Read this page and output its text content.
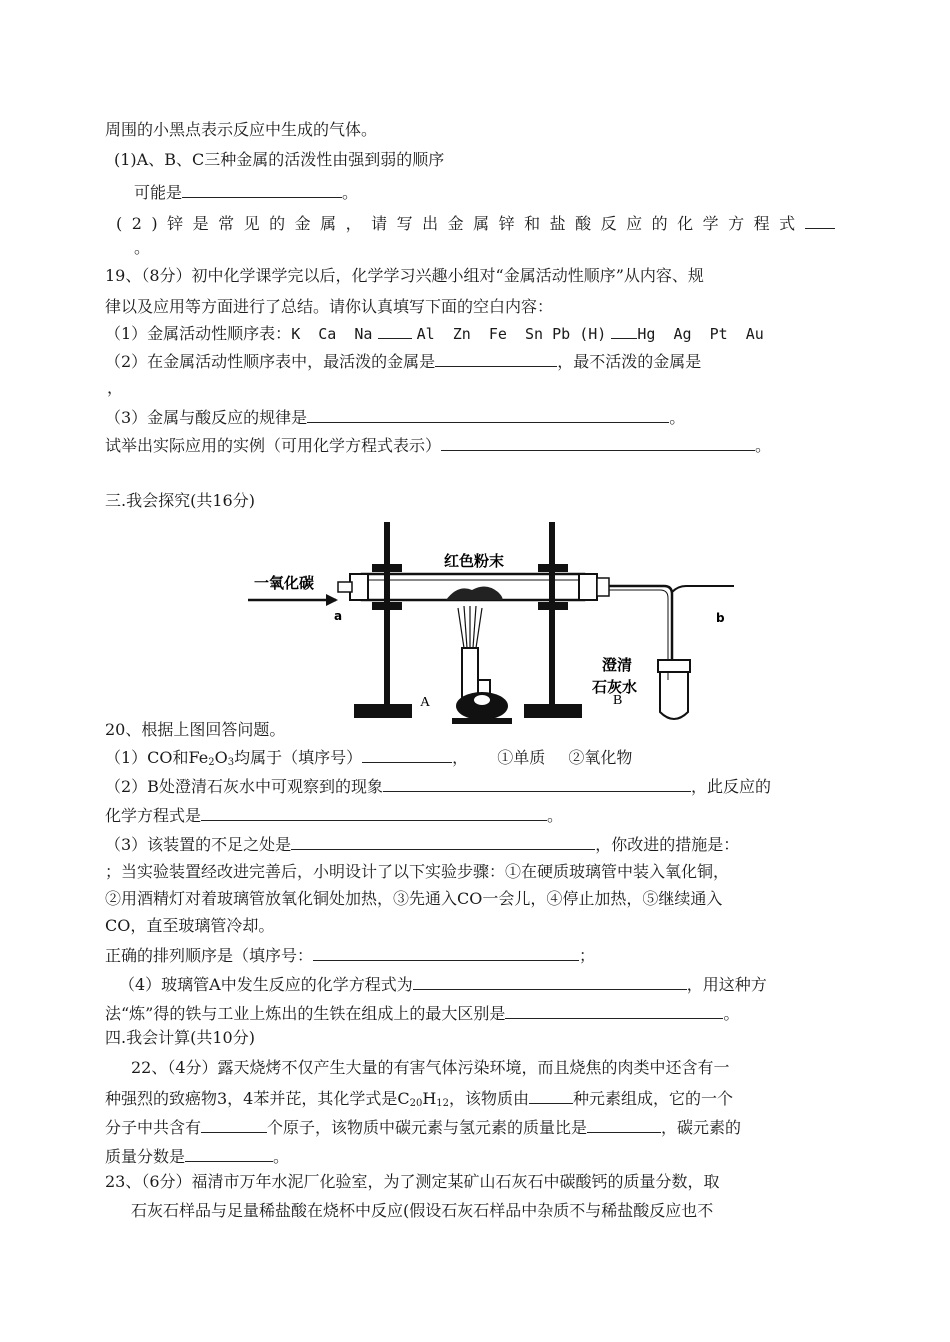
周围的小黑点表示反应中生成的气体。
(1)A、B、C三种金属的活泼性由强到弱的顺序
可能是	。
(2)锌是常见的金属，请写出金属锌和盐酸反应的化学方程式
。
19、（8分）初中化学课学完以后，化学学习兴趣小组对“金属活动性顺序”从内容、规
律以及应用等方面进行了总结。请你认真填写下面的空白内容：
（1）金属活动性顺序表：K  Ca  Na	Al  Zn  Fe  Sn Pb (H) Hg  Ag  Pt  Au
（2）在金属活动性顺序表中，最活泼的金属是	，最不活泼的金属是
，
（3）金属与酸反应的规律是	。
试举出实际应用的实例（可用化学方程式表示）	。
三.我会探究(共16分)
一氧化碳
a
红色粉末
b
澄清
石灰水
A	B
20、根据上图回答问题。
（1）CO和$Fe_2O_3$均属于（填序号）	， ①单质 ②氧化物
（2）B处澄清石灰水中可观察到的现象	，此反应的
化学方程式是	。
（3）该装置的不足之处是	，你改进的措施是：
；当实验装置经改进完善后，小明设计了以下实验步骤：①在硬质玻璃管中装入氧化铜，
②用酒精灯对着玻璃管放氧化铜处加热，③先通入CO一会儿，④停止加热，⑤继续通入
CO，直至玻璃管冷却。
正确的排列顺序是（填序号：	；
（4）玻璃管A中发生反应的化学方程式为	，用这种方
法“炼”得的铁与工业上炼出的生铁在组成上的最大区别是	。
四.我会计算(共10分)
22、（4分）露天烧烤不仅产生大量的有害气体污染环境，而且烧焦的肉类中还含有一
种强烈的致癌物3，4苯并芘，其化学式是$C_{20}H_{12}$，该物质由	种元素组成，它的一个
分子中共含有	个原子，该物质中碳元素与氢元素的质量比是	，碳元素的
质量分数是	。
23、（6分）福清市万年水泥厂化验室，为了测定某矿山石灰石中碳酸钙的质量分数，取
石灰石样品与足量稀盐酸在烧杯中反应(假设石灰石样品中杂质不与稀盐酸反应也不
